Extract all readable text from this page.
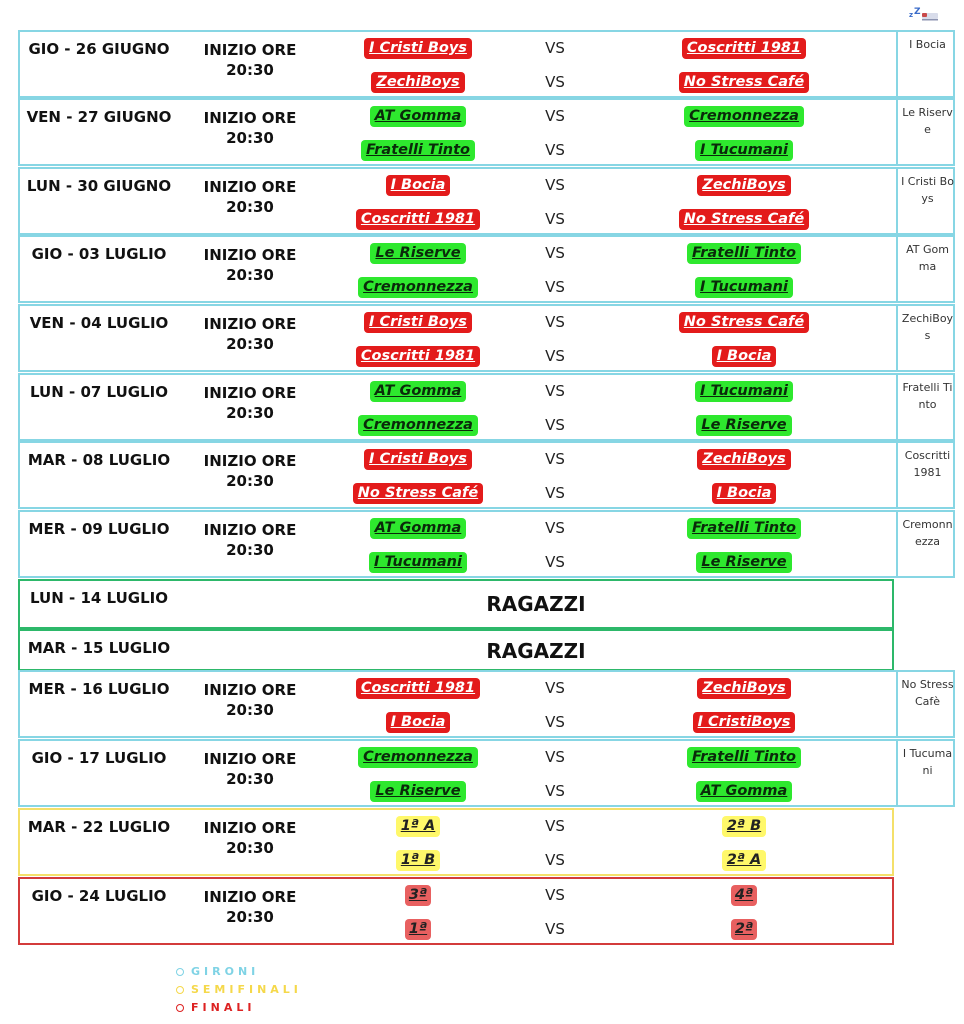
z Z
GIO - 26 GIUGNO	INIZIO ORE
20:30
I Cristi Boys	VS	Coscritti 1981
ZechiBoys	VS	No Stress Café
I Bocia
VEN - 27 GIUGNO	INIZIO ORE
20:30
AT Gomma	VS	Cremonnezza
Fratelli Tinto	VS	I Tucumani
Le Riserve
LUN - 30 GIUGNO	INIZIO ORE
20:30
I Bocia	VS	ZechiBoys
Coscritti 1981	VS	No Stress Café
I Cristi Boys
GIO - 03 LUGLIO	INIZIO ORE
20:30
Le Riserve	VS	Fratelli Tinto
Cremonnezza	VS	I Tucumani
AT Gomma
VEN - 04 LUGLIO	INIZIO ORE
20:30
I Cristi Boys	VS	No Stress Café
Coscritti 1981	VS	I Bocia
ZechiBoys
LUN - 07 LUGLIO	INIZIO ORE
20:30
AT Gomma	VS	I Tucumani
Cremonnezza	VS	Le Riserve
Fratelli Tinto
MAR - 08 LUGLIO	INIZIO ORE
20:30
I Cristi Boys	VS	ZechiBoys
No Stress Café	VS	I Bocia
Coscritti 1981
MER - 09 LUGLIO	INIZIO ORE
20:30
AT Gomma	VS	Fratelli Tinto
I Tucumani	VS	Le Riserve
Cremonnezza
LUN - 14 LUGLIO	RAGAZZI
MAR - 15 LUGLIO	RAGAZZI
MER - 16 LUGLIO	INIZIO ORE
20:30
Coscritti 1981	VS	ZechiBoys
I Bocia	VS	I CristiBoys
No Stress Cafè
GIO - 17 LUGLIO	INIZIO ORE
20:30
Cremonnezza	VS	Fratelli Tinto
Le Riserve	VS	AT Gomma
I Tucumani
MAR - 22 LUGLIO	INIZIO ORE
20:30
1ª A	VS	2ª B
1ª B	VS	2ª A
GIO - 24 LUGLIO	INIZIO ORE
20:30
3ª	VS	4ª
1ª	VS	2ª
GIRONI
SEMIFINALI
FINALI
